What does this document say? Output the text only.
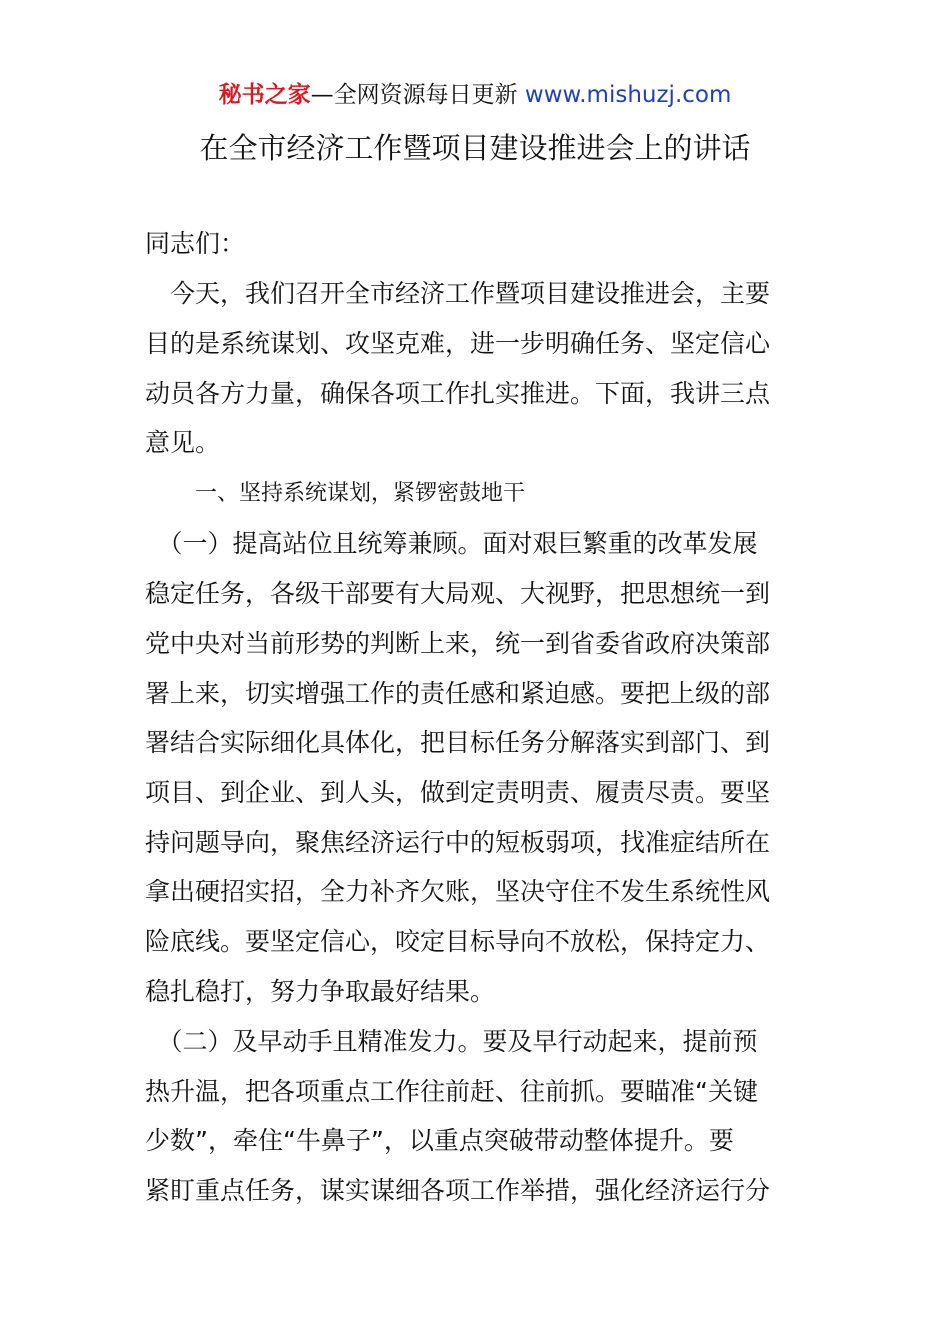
秘书之家—全网资源每日更新 www.mishuzj.com
在全市经济工作暨项目建设推进会上的讲话
同志们：
　今天，我们召开全市经济工作暨项目建设推进会，主要
目的是系统谋划、攻坚克难，进一步明确任务、坚定信心
动员各方力量，确保各项工作扎实推进。下面，我讲三点
意见。
一、坚持系统谋划，紧锣密鼓地干
　（一）提高站位且统筹兼顾。面对艰巨繁重的改革发展
稳定任务，各级干部要有大局观、大视野，把思想统一到
党中央对当前形势的判断上来，统一到省委省政府决策部
署上来，切实增强工作的责任感和紧迫感。要把上级的部
署结合实际细化具体化，把目标任务分解落实到部门、到
项目、到企业、到人头，做到定责明责、履责尽责。要坚
持问题导向，聚焦经济运行中的短板弱项，找准症结所在
拿出硬招实招，全力补齐欠账，坚决守住不发生系统性风
险底线。要坚定信心，咬定目标导向不放松，保持定力、
稳扎稳打，努力争取最好结果。
　（二）及早动手且精准发力。要及早行动起来，提前预
热升温，把各项重点工作往前赶、往前抓。要瞄准“关键
少数”，牵住“牛鼻子”，以重点突破带动整体提升。要
紧盯重点任务，谋实谋细各项工作举措，强化经济运行分
